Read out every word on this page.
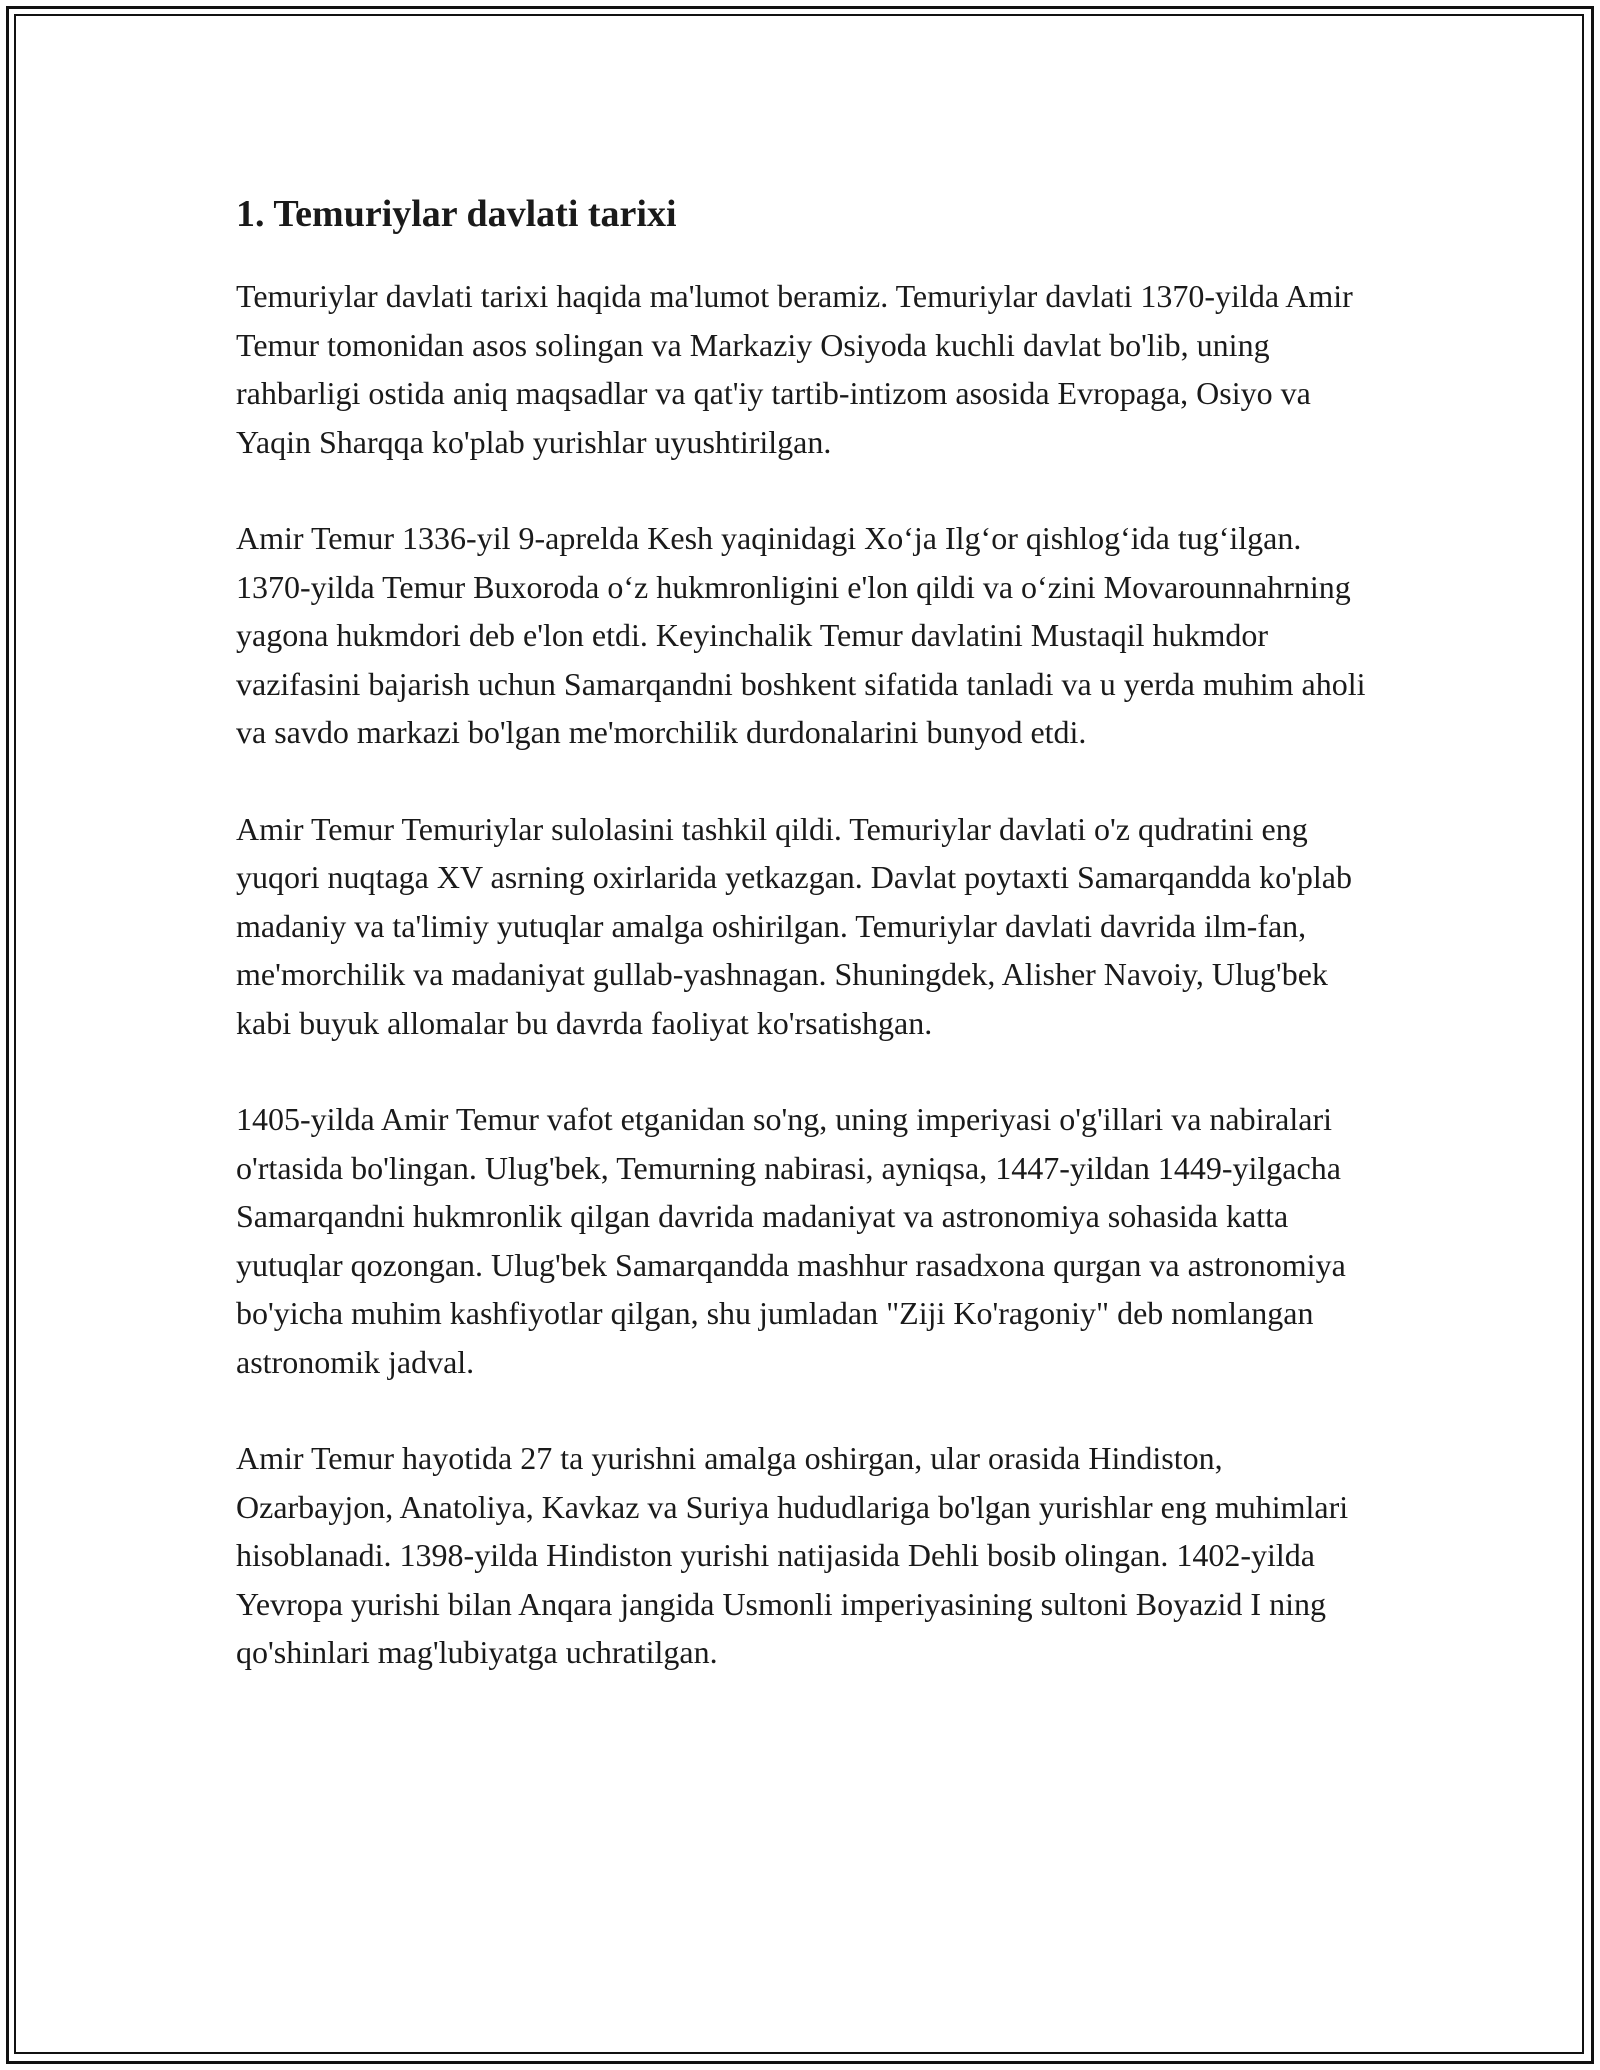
1. Temuriylar davlati tarixi

Temuriylar davlati tarixi haqida ma'lumot beramiz. Temuriylar davlati 1370-yilda Amir Temur tomonidan asos solingan va Markaziy Osiyoda kuchli davlat bo'lib, uning rahbarligi ostida aniq maqsadlar va qat'iy tartib-intizom asosida Evropaga, Osiyo va Yaqin Sharqqa ko'plab yurishlar uyushtirilgan.

Amir Temur 1336-yil 9-aprelda Kesh yaqinidagi Xo‘ja Ilg‘or qishlog‘ida tug‘ilgan. 1370-yilda Temur Buxoroda o‘z hukmronligini e'lon qildi va o‘zini Movarounnahrning yagona hukmdori deb e'lon etdi. Keyinchalik Temur davlatini Mustaqil hukmdor vazifasini bajarish uchun Samarqandni boshkent sifatida tanladi va u yerda muhim aholi va savdo markazi bo'lgan me'morchilik durdonalarini bunyod etdi.

Amir Temur Temuriylar sulolasini tashkil qildi. Temuriylar davlati o'z qudratini eng yuqori nuqtaga XV asrning oxirlarida yetkazgan. Davlat poytaxti Samarqandda ko'plab madaniy va ta'limiy yutuqlar amalga oshirilgan. Temuriylar davlati davrida ilm-fan, me'morchilik va madaniyat gullab-yashnagan. Shuningdek, Alisher Navoiy, Ulug'bek kabi buyuk allomalar bu davrda faoliyat ko'rsatishgan.

1405-yilda Amir Temur vafot etganidan so'ng, uning imperiyasi o'g'illari va nabiralari o'rtasida bo'lingan. Ulug'bek, Temurning nabirasi, ayniqsa, 1447-yildan 1449-yilgacha Samarqandni hukmronlik qilgan davrida madaniyat va astronomiya sohasida katta yutuqlar qozongan. Ulug'bek Samarqandda mashhur rasadxona qurgan va astronomiya bo'yicha muhim kashfiyotlar qilgan, shu jumladan "Ziji Ko'ragoniy" deb nomlangan astronomik jadval.

Amir Temur hayotida 27 ta yurishni amalga oshirgan, ular orasida Hindiston, Ozarbayjon, Anatoliya, Kavkaz va Suriya hududlariga bo'lgan yurishlar eng muhimlari hisoblanadi. 1398-yilda Hindiston yurishi natijasida Dehli bosib olingan. 1402-yilda Yevropa yurishi bilan Anqara jangida Usmonli imperiyasining sultoni Boyazid I ning qo'shinlari mag'lubiyatga uchratilgan.
